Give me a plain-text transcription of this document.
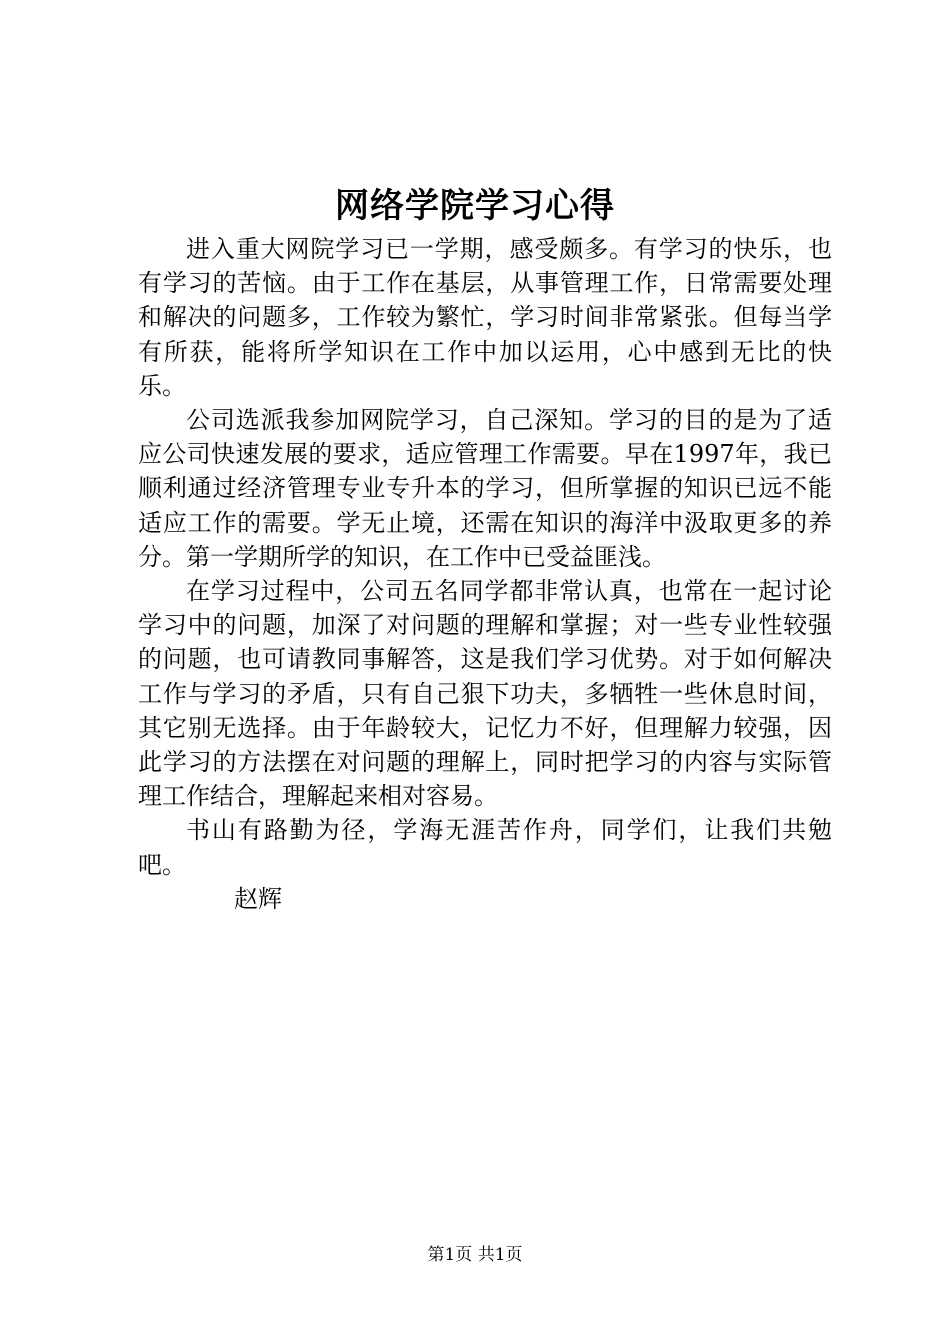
网络学院学习心得

进入重大网院学习已一学期，感受颇多。有学习的快乐，也有学习的苦恼。由于工作在基层，从事管理工作，日常需要处理和解决的问题多，工作较为繁忙，学习时间非常紧张。但每当学有所获，能将所学知识在工作中加以运用，心中感到无比的快乐。

公司选派我参加网院学习，自己深知。学习的目的是为了适应公司快速发展的要求，适应管理工作需要。早在1997年，我已顺利通过经济管理专业专升本的学习，但所掌握的知识已远不能适应工作的需要。学无止境，还需在知识的海洋中汲取更多的养分。第一学期所学的知识，在工作中已受益匪浅。

在学习过程中，公司五名同学都非常认真，也常在一起讨论学习中的问题，加深了对问题的理解和掌握；对一些专业性较强的问题，也可请教同事解答，这是我们学习优势。对于如何解决工作与学习的矛盾，只有自己狠下功夫，多牺牲一些休息时间，其它别无选择。由于年龄较大，记忆力不好，但理解力较强，因此学习的方法摆在对问题的理解上，同时把学习的内容与实际管理工作结合，理解起来相对容易。

书山有路勤为径，学海无涯苦作舟，同学们，让我们共勉吧。

赵辉

第1页 共1页
